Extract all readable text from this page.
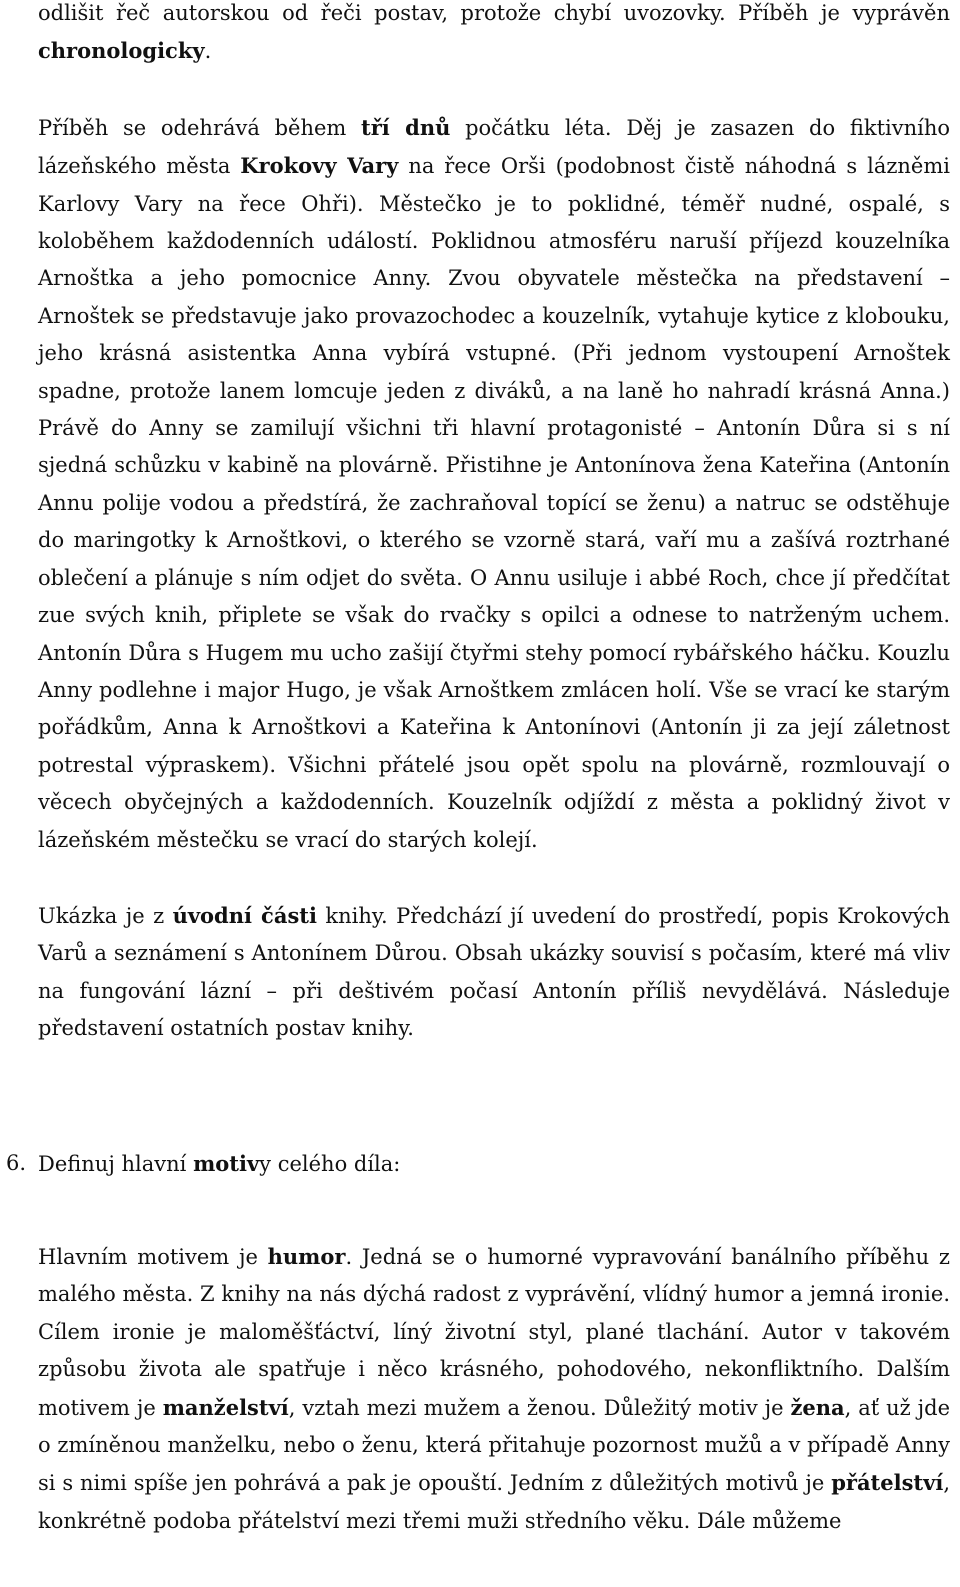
odlišit řeč autorskou od řeči postav, protože chybí uvozovky. Příběh je vyprávěn chronologicky.

Příběh se odehrává během tří dnů počátku léta. Děj je zasazen do fiktivního lázeňského města Krokovy Vary na řece Orši (podobnost čistě náhodná s lázněmi Karlovy Vary na řece Ohři). Městečko je to poklidné, téměř nudné, ospalé, s koloběhem každodenních událostí. Poklidnou atmosféru naruší příjezd kouzelníka Arnoštka a jeho pomocnice Anny. Zvou obyvatele městečka na představení – Arnoštek se představuje jako provazochodec a kouzelník, vytahuje kytice z klobouku, jeho krásná asistentka Anna vybírá vstupné. (Při jednom vystoupení Arnoštek spadne, protože lanem lomcuje jeden z diváků, a na laně ho nahradí krásná Anna.) Právě do Anny se zamilují všichni tři hlavní protagonisté – Antonín Důra si s ní sjedná schůzku v kabině na plovárně. Přistihne je Antonínova žena Kateřina (Antonín Annu polije vodou a předstírá, že zachraňoval topící se ženu) a natruc se odstěhuje do maringotky k Arnoštkovi, o kterého se vzorně stará, vaří mu a zašívá roztrhané oblečení a plánuje s ním odjet do světa. O Annu usiluje i abbé Roch, chce jí předčítat zue svých knih, připlete se však do rvačky s opilci a odnese to natrženým uchem. Antonín Důra s Hugem mu ucho zašijí čtyřmi stehy pomocí rybářského háčku. Kouzlu Anny podlehne i major Hugo, je však Arnoštkem zmlácen holí. Vše se vrací ke starým pořádkům, Anna k Arnoštkovi a Kateřina k Antonínovi (Antonín ji za její záletnost potrestal výpraskem). Všichni přátelé jsou opět spolu na plovárně, rozmlouvají o věcech obyčejných a každodenních. Kouzelník odjíždí z města a poklidný život v lázeňském městečku se vrací do starých kolejí.

Ukázka je z úvodní části knihy. Předchází jí uvedení do prostředí, popis Krokových Varů a seznámení s Antonínem Důrou. Obsah ukázky souvisí s počasím, které má vliv na fungování lázní – při deštivém počasí Antonín příliš nevydělává. Následuje představení ostatních postav knihy.

6. Definuj hlavní motivy celého díla:

Hlavním motivem je humor. Jedná se o humorné vypravování banálního příběhu z malého města. Z knihy na nás dýchá radost z vyprávění, vlídný humor a jemná ironie. Cílem ironie je maloměšťáctví, líný životní styl, plané tlachání. Autor v takovém způsobu života ale spatřuje i něco krásného, pohodového, nekonfliktního. Dalším motivem je manželství, vztah mezi mužem a ženou. Důležitý motiv je žena, ať už jde o zmíněnou manželku, nebo o ženu, která přitahuje pozornost mužů a v případě Anny si s nimi spíše jen pohrává a pak je opouští. Jedním z důležitých motivů je přátelství, konkrétně podoba přátelství mezi třemi muži středního věku. Dále můžeme
